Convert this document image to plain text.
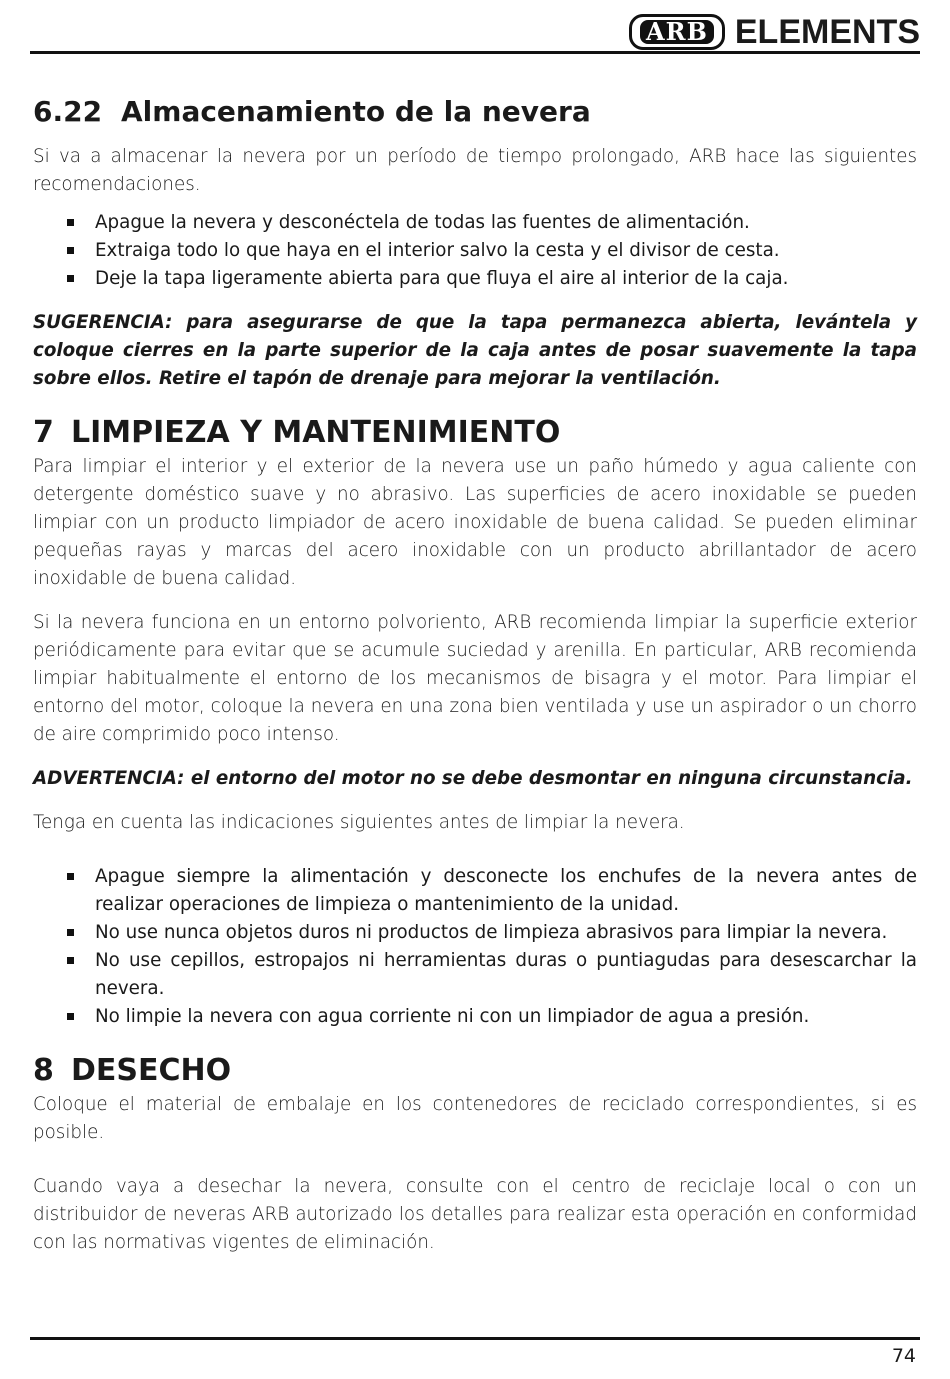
ARB ELEMENTS
6.22 Almacenamiento de la nevera

Si va a almacenar la nevera por un período de tiempo prolongado, ARB hace las siguientes recomendaciones.

Apague la nevera y desconéctela de todas las fuentes de alimentación.
Extraiga todo lo que haya en el interior salvo la cesta y el divisor de cesta.
Deje la tapa ligeramente abierta para que fluya el aire al interior de la caja.

SUGERENCIA: para asegurarse de que la tapa permanezca abierta, levántela y coloque cierres en la parte superior de la caja antes de posar suavemente la tapa sobre ellos. Retire el tapón de drenaje para mejorar la ventilación.

7 LIMPIEZA Y MANTENIMIENTO

Para limpiar el interior y el exterior de la nevera use un paño húmedo y agua caliente con detergente doméstico suave y no abrasivo. Las superficies de acero inoxidable se pueden limpiar con un producto limpiador de acero inoxidable de buena calidad. Se pueden eliminar pequeñas rayas y marcas del acero inoxidable con un producto abrillantador de acero inoxidable de buena calidad.

Si la nevera funciona en un entorno polvoriento, ARB recomienda limpiar la superficie exterior periódicamente para evitar que se acumule suciedad y arenilla. En particular, ARB recomienda limpiar habitualmente el entorno de los mecanismos de bisagra y el motor. Para limpiar el entorno del motor, coloque la nevera en una zona bien ventilada y use un aspirador o un chorro de aire comprimido poco intenso.

ADVERTENCIA: el entorno del motor no se debe desmontar en ninguna circunstancia.

Tenga en cuenta las indicaciones siguientes antes de limpiar la nevera.

Apague siempre la alimentación y desconecte los enchufes de la nevera antes de realizar operaciones de limpieza o mantenimiento de la unidad.
No use nunca objetos duros ni productos de limpieza abrasivos para limpiar la nevera.
No use cepillos, estropajos ni herramientas duras o puntiagudas para desescarchar la nevera.
No limpie la nevera con agua corriente ni con un limpiador de agua a presión.
8 DESECHO

Coloque el material de embalaje en los contenedores de reciclado correspondientes, si es posible.

Cuando vaya a desechar la nevera, consulte con el centro de reciclaje local o con un distribuidor de neveras ARB autorizado los detalles para realizar esta operación en conformidad con las normativas vigentes de eliminación.

74
